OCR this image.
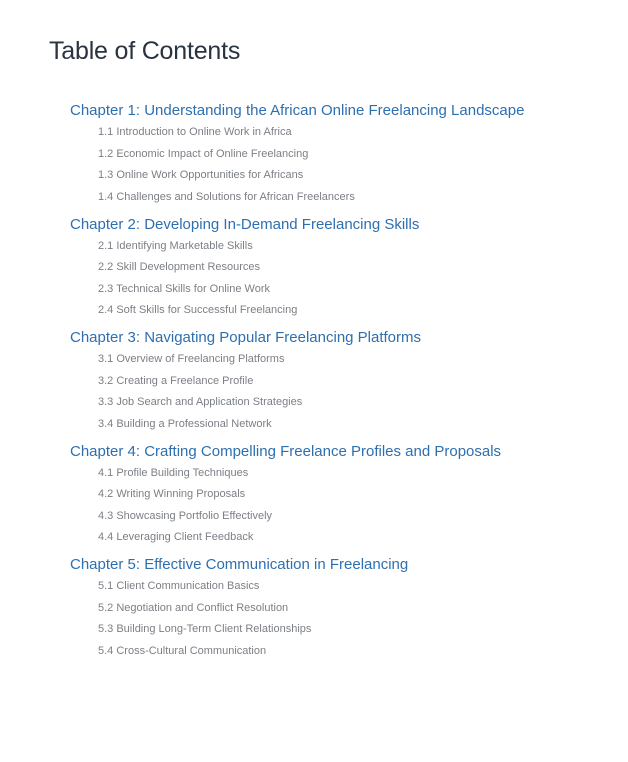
Table of Contents
Chapter 1: Understanding the African Online Freelancing Landscape
1.1 Introduction to Online Work in Africa
1.2 Economic Impact of Online Freelancing
1.3 Online Work Opportunities for Africans
1.4 Challenges and Solutions for African Freelancers
Chapter 2: Developing In-Demand Freelancing Skills
2.1 Identifying Marketable Skills
2.2 Skill Development Resources
2.3 Technical Skills for Online Work
2.4 Soft Skills for Successful Freelancing
Chapter 3: Navigating Popular Freelancing Platforms
3.1 Overview of Freelancing Platforms
3.2 Creating a Freelance Profile
3.3 Job Search and Application Strategies
3.4 Building a Professional Network
Chapter 4: Crafting Compelling Freelance Profiles and Proposals
4.1 Profile Building Techniques
4.2 Writing Winning Proposals
4.3 Showcasing Portfolio Effectively
4.4 Leveraging Client Feedback
Chapter 5: Effective Communication in Freelancing
5.1 Client Communication Basics
5.2 Negotiation and Conflict Resolution
5.3 Building Long-Term Client Relationships
5.4 Cross-Cultural Communication
